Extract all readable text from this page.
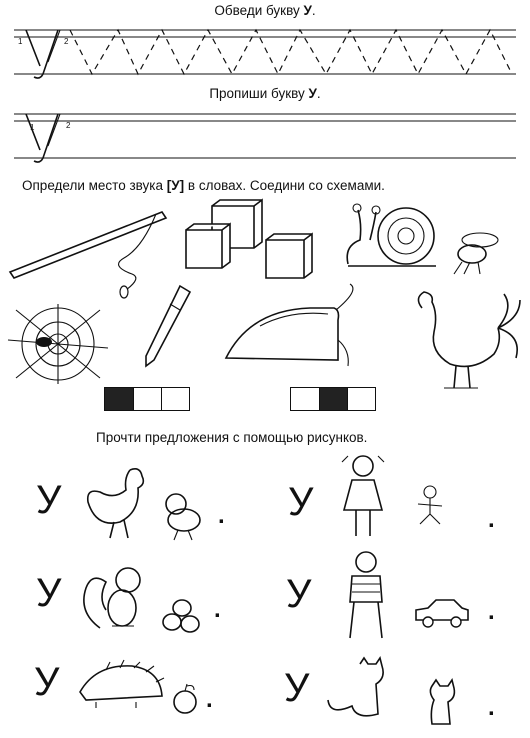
Обведи букву У.
1	2
Пропиши букву У.
1	2
Определи место звука [У] в словах. Соедини со схемами.
Прочти предложения с помощью рисунков.
У	.
У	.
У	.
У	.
У	.
У	.
